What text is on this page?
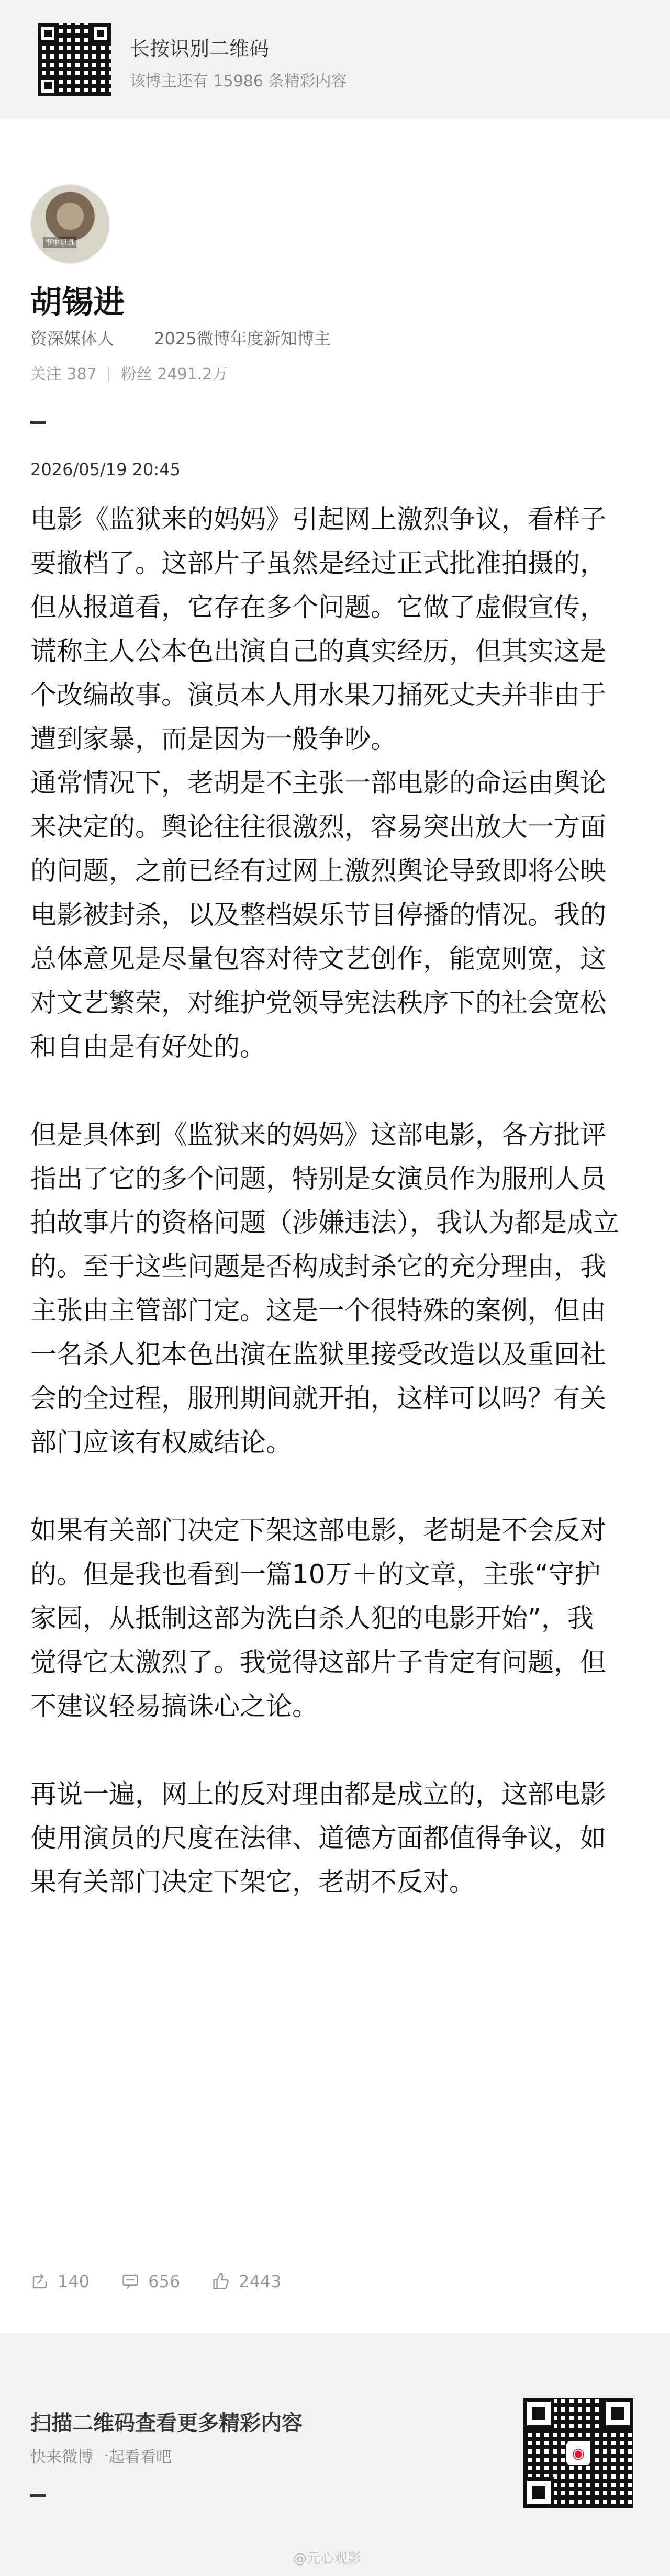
长按识别二维码
该博主还有 15986 条精彩内容
事中识真
胡锡进
资深媒体人 2025微博年度新知博主
关注 387 粉丝 2491.2万
2026/05/19 20:45

电影《监狱来的妈妈》引起网上激烈争议，看样子

要撤档了。这部片子虽然是经过正式批准拍摄的，

但从报道看，它存在多个问题。它做了虚假宣传，

谎称主人公本色出演自己的真实经历，但其实这是

个改编故事。演员本人用水果刀捅死丈夫并非由于

遭到家暴，而是因为一般争吵。

通常情况下，老胡是不主张一部电影的命运由舆论

来决定的。舆论往往很激烈，容易突出放大一方面

的问题，之前已经有过网上激烈舆论导致即将公映

电影被封杀，以及整档娱乐节目停播的情况。我的

总体意见是尽量包容对待文艺创作，能宽则宽，这

对文艺繁荣，对维护党领导宪法秩序下的社会宽松

和自由是有好处的。

但是具体到《监狱来的妈妈》这部电影，各方批评

指出了它的多个问题，特别是女演员作为服刑人员

拍故事片的资格问题（涉嫌违法），我认为都是成立

的。至于这些问题是否构成封杀它的充分理由，我

主张由主管部门定。这是一个很特殊的案例，但由

一名杀人犯本色出演在监狱里接受改造以及重回社

会的全过程，服刑期间就开拍，这样可以吗？有关

部门应该有权威结论。

如果有关部门决定下架这部电影，老胡是不会反对

的。但是我也看到一篇10万＋的文章，主张“守护

家园，从抵制这部为洗白杀人犯的电影开始”，我

觉得它太激烈了。我觉得这部片子肯定有问题，但

不建议轻易搞诛心之论。

再说一遍，网上的反对理由都是成立的，这部电影

使用演员的尺度在法律、道德方面都值得争议，如

果有关部门决定下架它，老胡不反对。

140	656	2443
扫描二维码查看更多精彩内容
快来微博一起看看吧	◉
@元心观影
